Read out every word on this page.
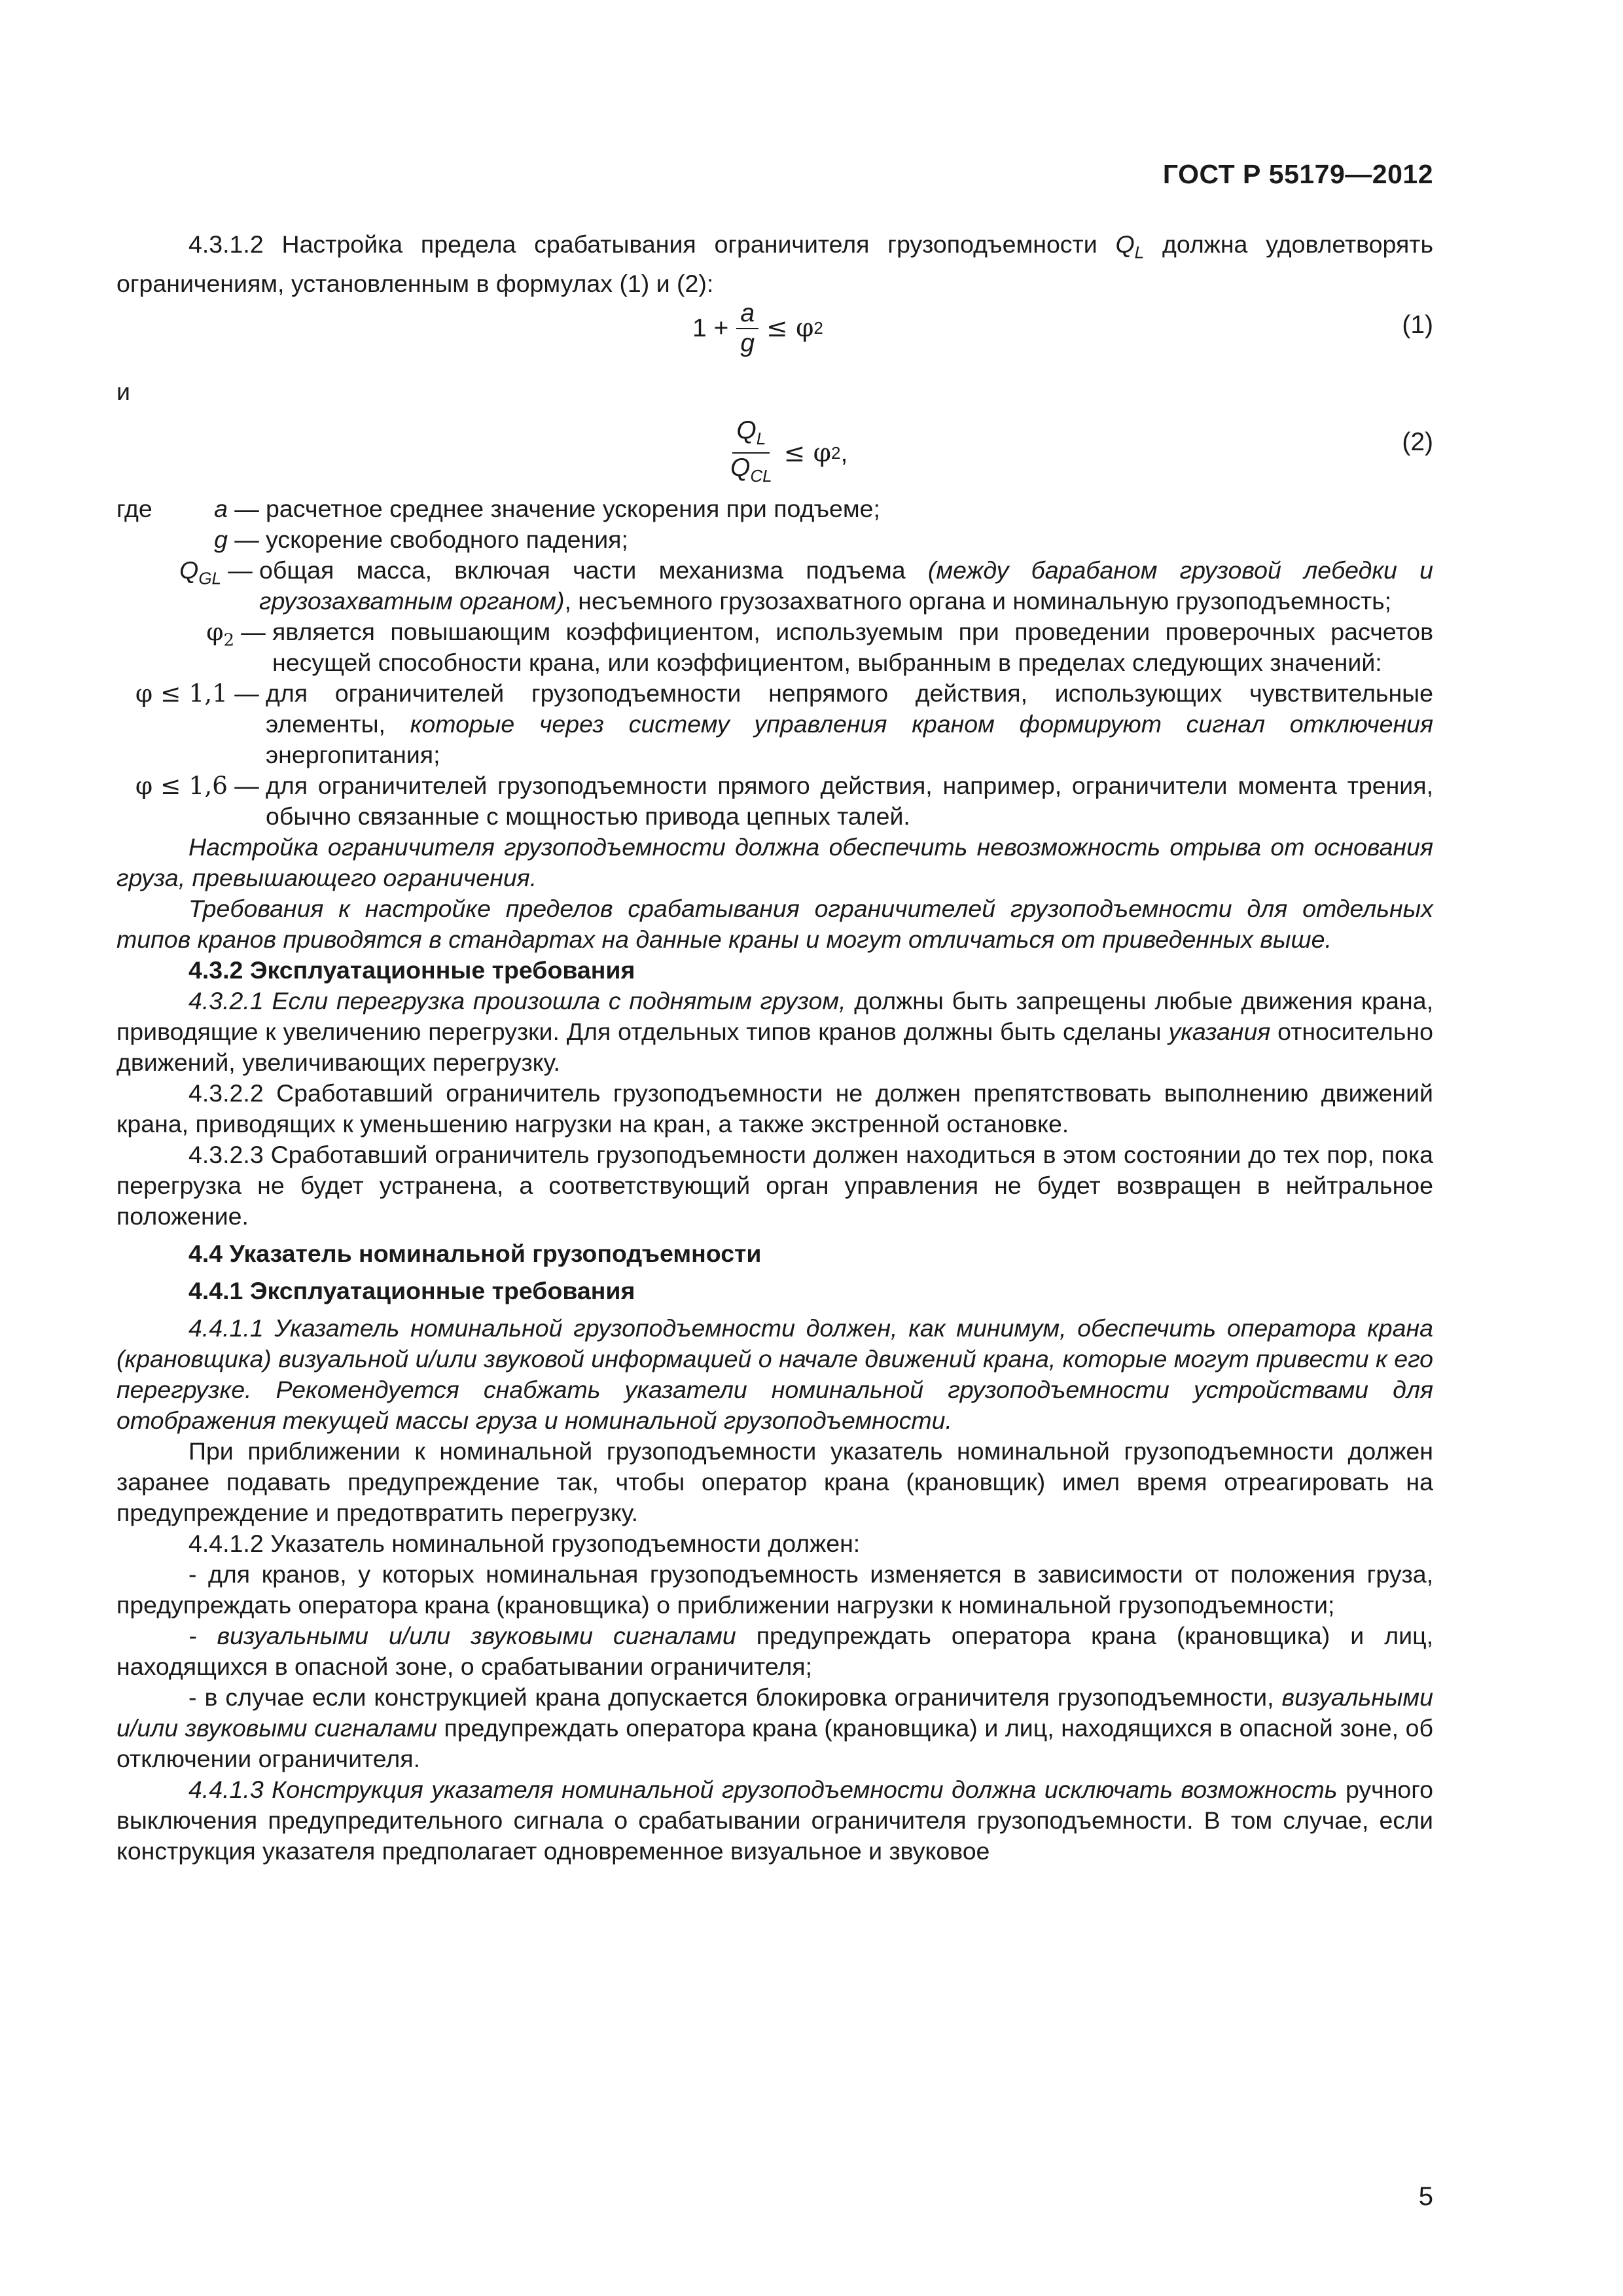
ГОСТ Р 55179—2012

4.3.1.2 Настройка предела срабатывания ограничителя грузоподъемности $Q_L$ должна удовлетворять ограничениям, установленным в формулах (1) и (2):

$1 + \frac{a}{g} \le \varphi$ 2	(1)

и

$\frac{Q_L}{Q_{CL}} \le \varphi$ 2 ,	(2)
где	a — расчетное среднее значение ускорения при подъеме;
g — ускорение свободного падения;
$Q_{GL}$ — общая масса, включая части механизма подъема (между барабаном грузовой лебедки и грузозахватным органом), несъемного грузозахватного органа и номинальную грузоподъемность;
$\varphi_2$ — является повышающим коэффициентом, используемым при проведении проверочных расчетов несущей способности крана, или коэффициентом, выбранным в пределах следующих значений:
φ ≤ 1,1 — для ограничителей грузоподъемности непрямого действия, использующих чувствительные элементы, которые через систему управления краном формируют сигнал отключения энергопитания;
φ ≤ 1,6 — для ограничителей грузоподъемности прямого действия, например, ограничители момента трения, обычно связанные с мощностью привода цепных талей.

Настройка ограничителя грузоподъемности должна обеспечить невозможность отрыва от основания груза, превышающего ограничения.

Требования к настройке пределов срабатывания ограничителей грузоподъемности для отдельных типов кранов приводятся в стандартах на данные краны и могут отличаться от приведенных выше.

4.3.2 Эксплуатационные требования

4.3.2.1 Если перегрузка произошла с поднятым грузом, должны быть запрещены любые движения крана, приводящие к увеличению перегрузки. Для отдельных типов кранов должны быть сделаны указания относительно движений, увеличивающих перегрузку.

4.3.2.2 Сработавший ограничитель грузоподъемности не должен препятствовать выполнению движений крана, приводящих к уменьшению нагрузки на кран, а также экстренной остановке.

4.3.2.3 Сработавший ограничитель грузоподъемности должен находиться в этом состоянии до тех пор, пока перегрузка не будет устранена, а соответствующий орган управления не будет возвращен в нейтральное положение.

4.4 Указатель номинальной грузоподъемности

4.4.1 Эксплуатационные требования

4.4.1.1 Указатель номинальной грузоподъемности должен, как минимум, обеспечить оператора крана (крановщика) визуальной и/или звуковой информацией о начале движений крана, которые могут привести к его перегрузке. Рекомендуется снабжать указатели номинальной грузоподъемности устройствами для отображения текущей массы груза и номинальной грузоподъемности.

При приближении к номинальной грузоподъемности указатель номинальной грузоподъемности должен заранее подавать предупреждение так, чтобы оператор крана (крановщик) имел время отреагировать на предупреждение и предотвратить перегрузку.

4.4.1.2 Указатель номинальной грузоподъемности должен:

- для кранов, у которых номинальная грузоподъемность изменяется в зависимости от положения груза, предупреждать оператора крана (крановщика) о приближении нагрузки к номинальной грузоподъемности;

- визуальными и/или звуковыми сигналами предупреждать оператора крана (крановщика) и лиц, находящихся в опасной зоне, о срабатывании ограничителя;

- в случае если конструкцией крана допускается блокировка ограничителя грузоподъемности, визуальными и/или звуковыми сигналами предупреждать оператора крана (крановщика) и лиц, находящихся в опасной зоне, об отключении ограничителя.

4.4.1.3 Конструкция указателя номинальной грузоподъемности должна исключать возможность ручного выключения предупредительного сигнала о срабатывании ограничителя грузоподъемности. В том случае, если конструкция указателя предполагает одновременное визуальное и звуковое

5
